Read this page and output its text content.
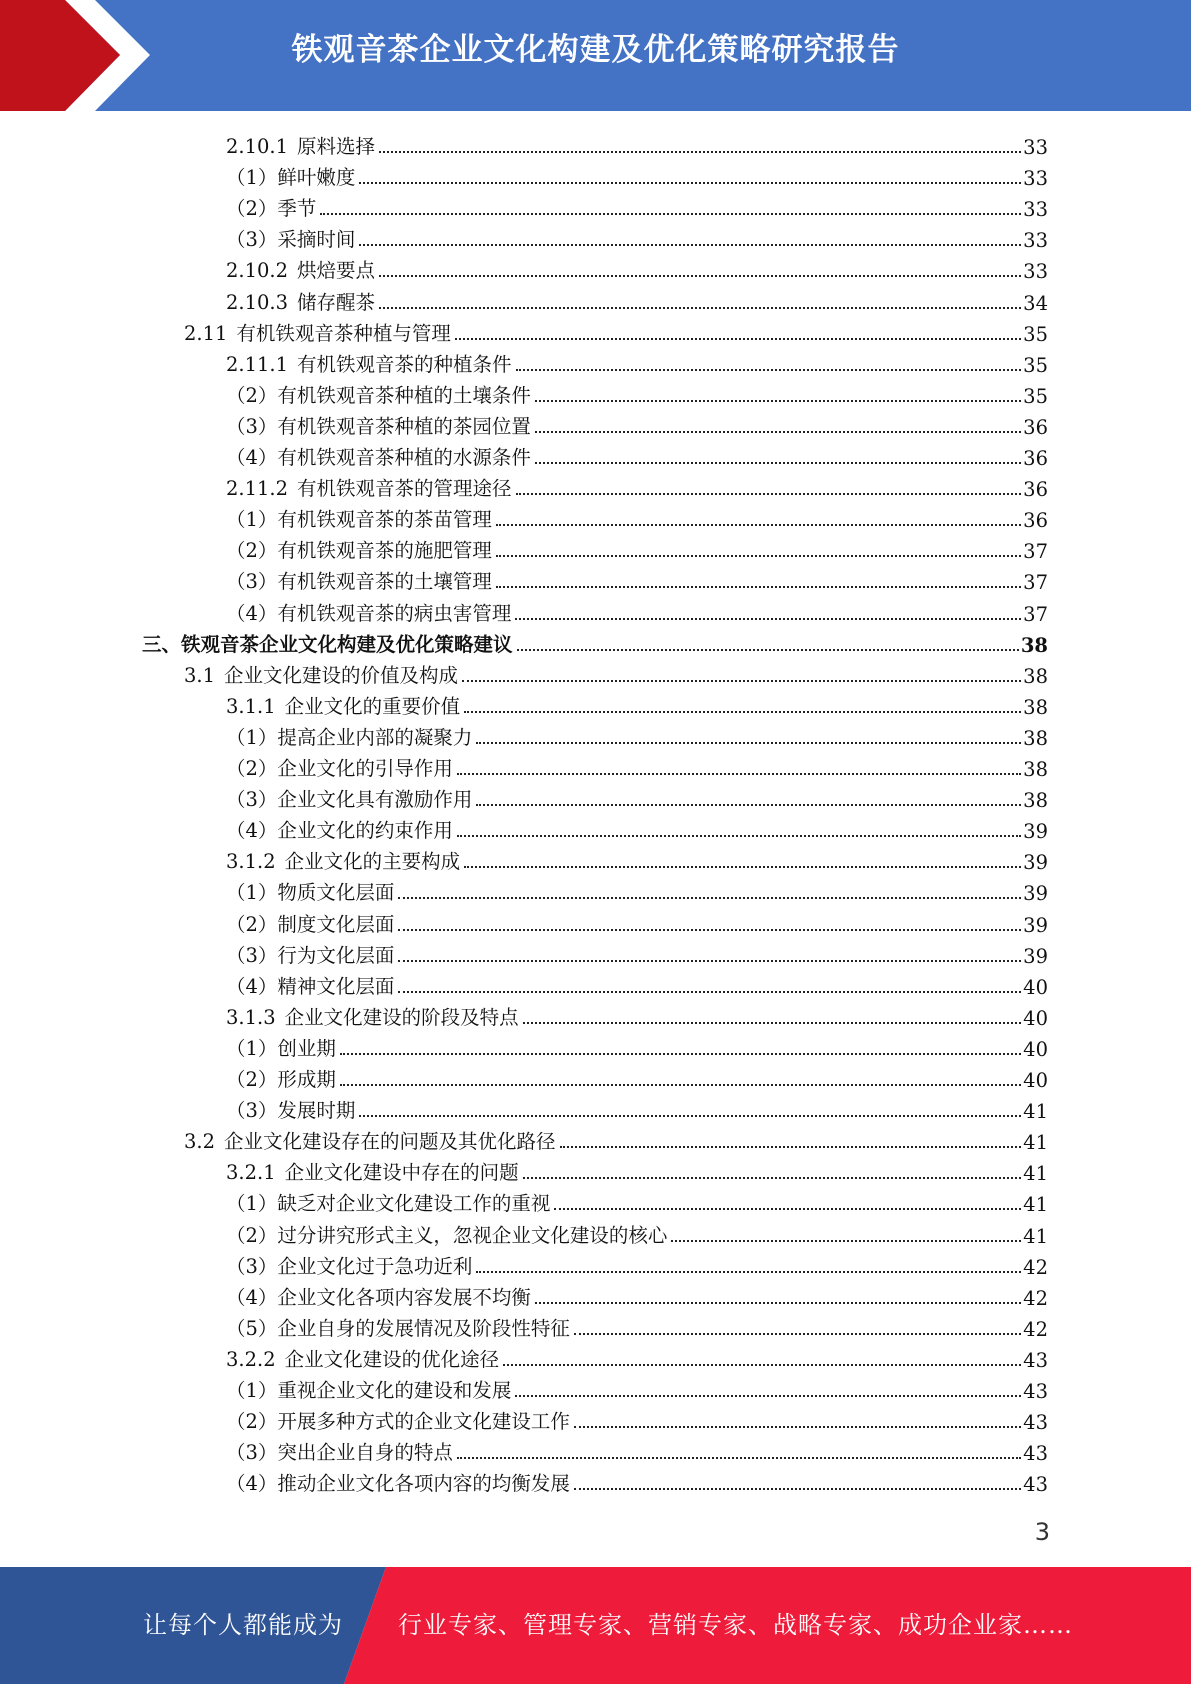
铁观音茶企业文化构建及优化策略研究报告
2.10.1 原料选择	33
（1）鲜叶嫩度	33
（2）季节	33
（3）采摘时间	33
2.10.2 烘焙要点	33
2.10.3 储存醒茶	34
2.11 有机铁观音茶种植与管理	35
2.11.1 有机铁观音茶的种植条件	35
（2）有机铁观音茶种植的土壤条件	35
（3）有机铁观音茶种植的茶园位置	36
（4）有机铁观音茶种植的水源条件	36
2.11.2 有机铁观音茶的管理途径	36
（1）有机铁观音茶的茶苗管理	36
（2）有机铁观音茶的施肥管理	37
（3）有机铁观音茶的土壤管理	37
（4）有机铁观音茶的病虫害管理	37
三、铁观音茶企业文化构建及优化策略建议	38
3.1 企业文化建设的价值及构成	38
3.1.1 企业文化的重要价值	38
（1）提高企业内部的凝聚力	38
（2）企业文化的引导作用	38
（3）企业文化具有激励作用	38
（4）企业文化的约束作用	39
3.1.2 企业文化的主要构成	39
（1）物质文化层面	39
（2）制度文化层面	39
（3）行为文化层面	39
（4）精神文化层面	40
3.1.3 企业文化建设的阶段及特点	40
（1）创业期	40
（2）形成期	40
（3）发展时期	41
3.2 企业文化建设存在的问题及其优化路径	41
3.2.1 企业文化建设中存在的问题	41
（1）缺乏对企业文化建设工作的重视	41
（2）过分讲究形式主义，忽视企业文化建设的核心	41
（3）企业文化过于急功近利	42
（4）企业文化各项内容发展不均衡	42
（5）企业自身的发展情况及阶段性特征	42
3.2.2 企业文化建设的优化途径	43
（1）重视企业文化的建设和发展	43
（2）开展多种方式的企业文化建设工作	43
（3）突出企业自身的特点	43
（4）推动企业文化各项内容的均衡发展	43
3
让每个人都能成为 行业专家、管理专家、营销专家、战略专家、成功企业家……
